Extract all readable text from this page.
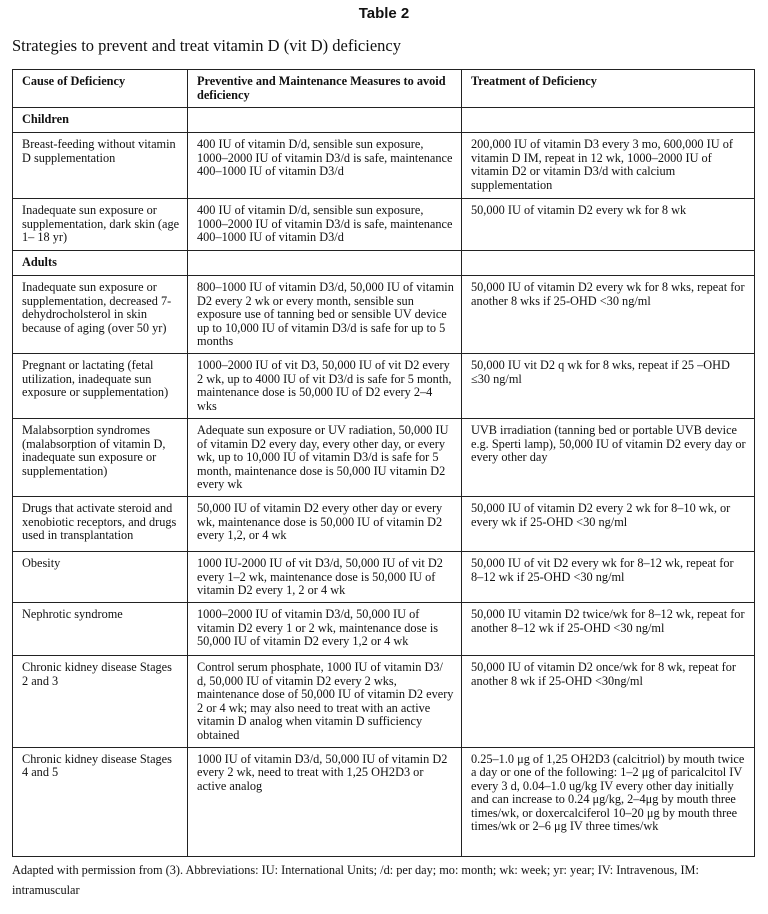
Table 2
Strategies to prevent and treat vitamin D (vit D) deficiency
Cause of Deficiency	Preventive and Maintenance Measures to avoid deficiency	Treatment of Deficiency
Children		
Breast-feeding without vitamin D supplementation	400 IU of vitamin D/d, sensible sun exposure, 1000–2000 IU of vitamin D3/d is safe, maintenance 400–1000 IU of vitamin D3/d	200,000 IU of vitamin D3 every 3 mo, 600,000 IU of vitamin D IM, repeat in 12 wk, 1000–2000 IU of vitamin D2 or vitamin D3/d with calcium supplementation
Inadequate sun exposure or supplementation, dark skin (age 1– 18 yr)	400 IU of vitamin D/d, sensible sun exposure, 1000–2000 IU of vitamin D3/d is safe, maintenance 400–1000 IU of vitamin D3/d	50,000 IU of vitamin D2 every wk for 8 wk
Adults		
Inadequate sun exposure or supplementation, decreased 7-dehydrocholsterol in skin because of aging (over 50 yr)	800–1000 IU of vitamin D3/d, 50,000 IU of vitamin D2 every 2 wk or every month, sensible sun exposure use of tanning bed or sensible UV device up to 10,000 IU of vitamin D3/d is safe for up to 5 months	50,000 IU of vitamin D2 every wk for 8 wks, repeat for another 8 wks if 25-OHD <30 ng/ml
Pregnant or lactating (fetal utilization, inadequate sun exposure or supplementation)	1000–2000 IU of vit D3, 50,000 IU of vit D2 every 2 wk, up to 4000 IU of vit D3/d is safe for 5 month, maintenance dose is 50,000 IU of D2 every 2–4 wks	50,000 IU vit D2 q wk for 8 wks, repeat if 25 –OHD ≤30 ng/ml
Malabsorption syndromes (malabsorption of vitamin D, inadequate sun exposure or supplementation)	Adequate sun exposure or UV radiation, 50,000 IU of vitamin D2 every day, every other day, or every wk, up to 10,000 IU of vitamin D3/d is safe for 5 month, maintenance dose is 50,000 IU vitamin D2 every wk	UVB irradiation (tanning bed or portable UVB device e.g. Sperti lamp), 50,000 IU of vitamin D2 every day or every other day
Drugs that activate steroid and xenobiotic receptors, and drugs used in transplantation	50,000 IU of vitamin D2 every other day or every wk, maintenance dose is 50,000 IU of vitamin D2 every 1,2, or 4 wk	50,000 IU of vitamin D2 every 2 wk for 8–10 wk, or every wk if 25-OHD <30 ng/ml
Obesity	1000 IU-2000 IU of vit D3/d, 50,000 IU of vit D2 every 1–2 wk, maintenance dose is 50,000 IU of vitamin D2 every 1, 2 or 4 wk	50,000 IU of vit D2 every wk for 8–12 wk, repeat for 8–12 wk if 25-OHD <30 ng/ml
Nephrotic syndrome	1000–2000 IU of vitamin D3/d, 50,000 IU of vitamin D2 every 1 or 2 wk, maintenance dose is 50,000 IU of vitamin D2 every 1,2 or 4 wk	50,000 IU vitamin D2 twice/wk for 8–12 wk, repeat for another 8–12 wk if 25-OHD <30 ng/ml
Chronic kidney disease Stages 2 and 3	Control serum phosphate, 1000 IU of vitamin D3/ d, 50,000 IU of vitamin D2 every 2 wks, maintenance dose of 50,000 IU of vitamin D2 every 2 or 4 wk; may also need to treat with an active vitamin D analog when vitamin D sufficiency obtained	50,000 IU of vitamin D2 once/wk for 8 wk, repeat for another 8 wk if 25-OHD <30ng/ml
Chronic kidney disease Stages 4 and 5	1000 IU of vitamin D3/d, 50,000 IU of vitamin D2 every 2 wk, need to treat with 1,25 OH2D3 or active analog	0.25–1.0 μg of 1,25 OH2D3 (calcitriol) by mouth twice a day or one of the following: 1–2 μg of paricalcitol IV every 3 d, 0.04–1.0 ug/kg IV every other day initially and can increase to 0.24 μg/kg, 2–4μg by mouth three times/wk, or doxercalciferol 10–20 μg by mouth three times/wk or 2–6 μg IV three times/wk
Adapted with permission from (3). Abbreviations: IU: International Units; /d: per day; mo: month; wk: week; yr: year; IV: Intravenous, IM: intramuscular
